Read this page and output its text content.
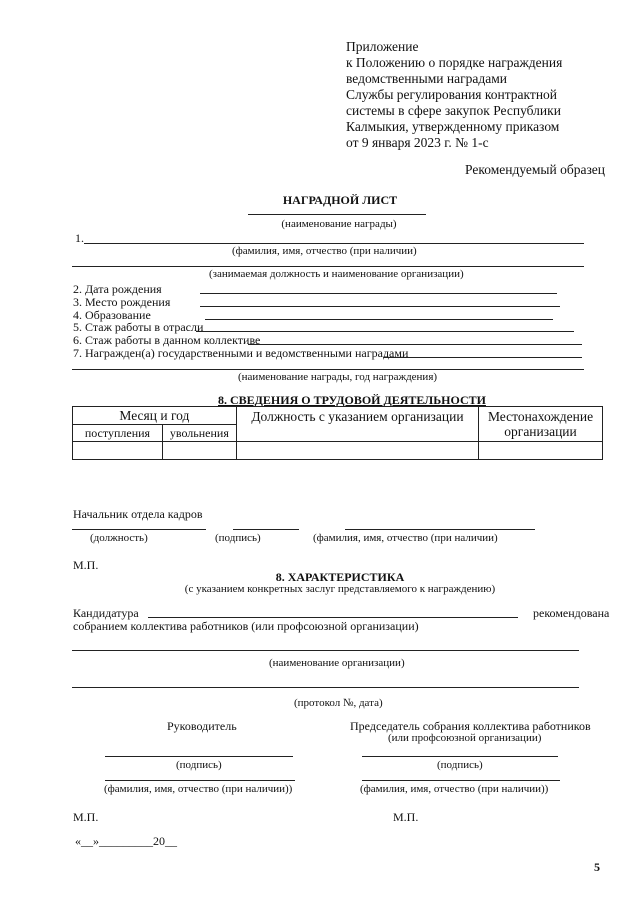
Приложение
к Положению о порядке награждения
ведомственными наградами
Службы регулирования контрактной
системы в сфере закупок Республики
Калмыкия, утвержденному приказом
от 9 января 2023 г. № 1-с
Рекомендуемый образец
НАГРАДНОЙ ЛИСТ
(наименование награды)
1.
(фамилия, имя, отчество (при наличии)
(занимаемая должность и наименование организации)
2. Дата рождения
3. Место рождения
4. Образование
5. Стаж работы в отрасли
6. Стаж работы в данном коллективе
7. Награжден(а) государственными и ведомственными наградами
(наименование награды, год награждения)
8. СВЕДЕНИЯ О ТРУДОВОЙ ДЕЯТЕЛЬНОСТИ
Месяц и год		Должность с указанием организации	Местонахождение
организации
поступления	увольнения		

Начальник отдела кадров
(должность)	(подпись)	(фамилия, имя, отчество (при наличии)
М.П.
8. ХАРАКТЕРИСТИКА
(с указанием конкретных заслуг представляемого к награждению)
Кандидатура	рекомендована
собранием коллектива работников (или профсоюзной организации)
(наименование организации)
(протокол №, дата)
Руководитель	Председатель собрания коллектива работников
(или профсоюзной организации)
(подпись)	(подпись)
(фамилия, имя, отчество (при наличии))	(фамилия, имя, отчество (при наличии))
М.П.	М.П.
«__»_________20__
5
